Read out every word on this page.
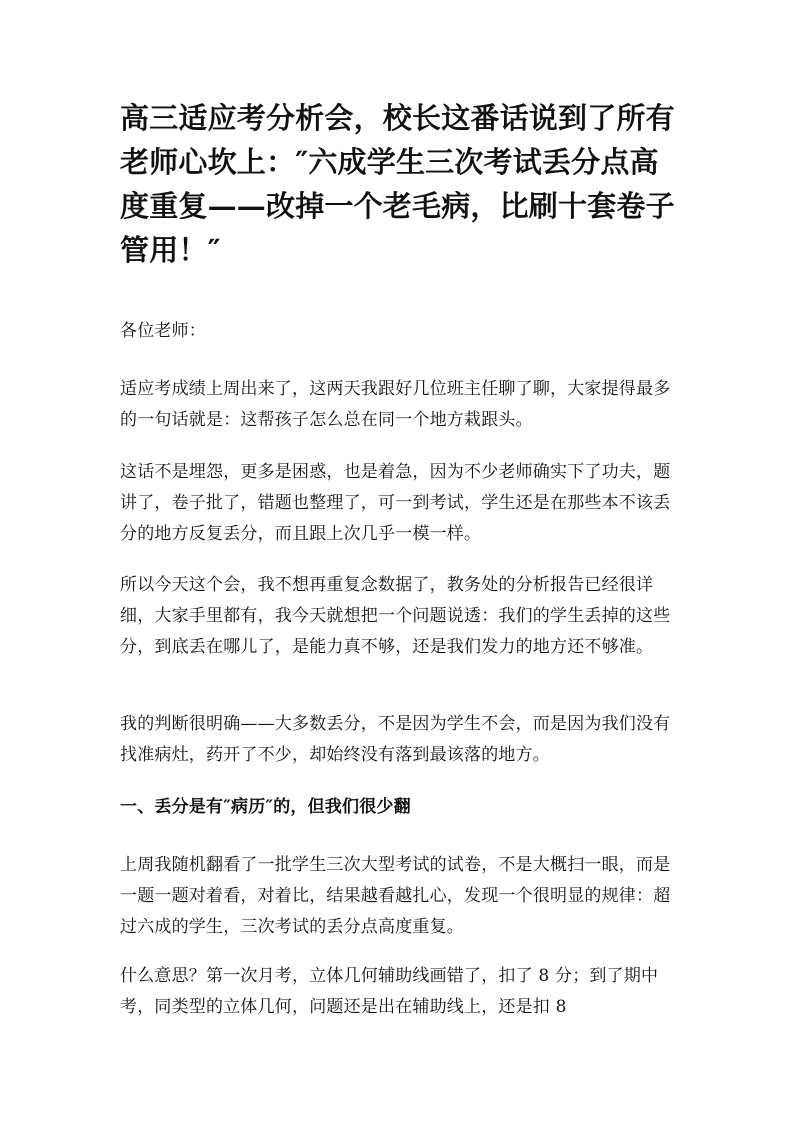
高三适应考分析会，校长这番话说到了所有老师心坎上：″六成学生三次考试丢分点高度重复——改掉一个老毛病，比刷十套卷子管用！″

各位老师：

适应考成绩上周出来了，这两天我跟好几位班主任聊了聊，大家提得最多的一句话就是：这帮孩子怎么总在同一个地方栽跟头。

这话不是埋怨，更多是困惑，也是着急，因为不少老师确实下了功夫，题讲了，卷子批了，错题也整理了，可一到考试，学生还是在那些本不该丢分的地方反复丢分，而且跟上次几乎一模一样。

所以今天这个会，我不想再重复念数据了，教务处的分析报告已经很详细，大家手里都有，我今天就想把一个问题说透：我们的学生丢掉的这些分，到底丢在哪儿了，是能力真不够，还是我们发力的地方还不够准。

我的判断很明确——大多数丢分，不是因为学生不会，而是因为我们没有找准病灶，药开了不少，却始终没有落到最该落的地方。

一、丢分是有″病历″的，但我们很少翻

上周我随机翻看了一批学生三次大型考试的试卷，不是大概扫一眼，而是一题一题对着看，对着比，结果越看越扎心，发现一个很明显的规律：超过六成的学生，三次考试的丢分点高度重复。

什么意思？第一次月考，立体几何辅助线画错了，扣了 8 分；到了期中考，同类型的立体几何，问题还是出在辅助线上，还是扣 8
